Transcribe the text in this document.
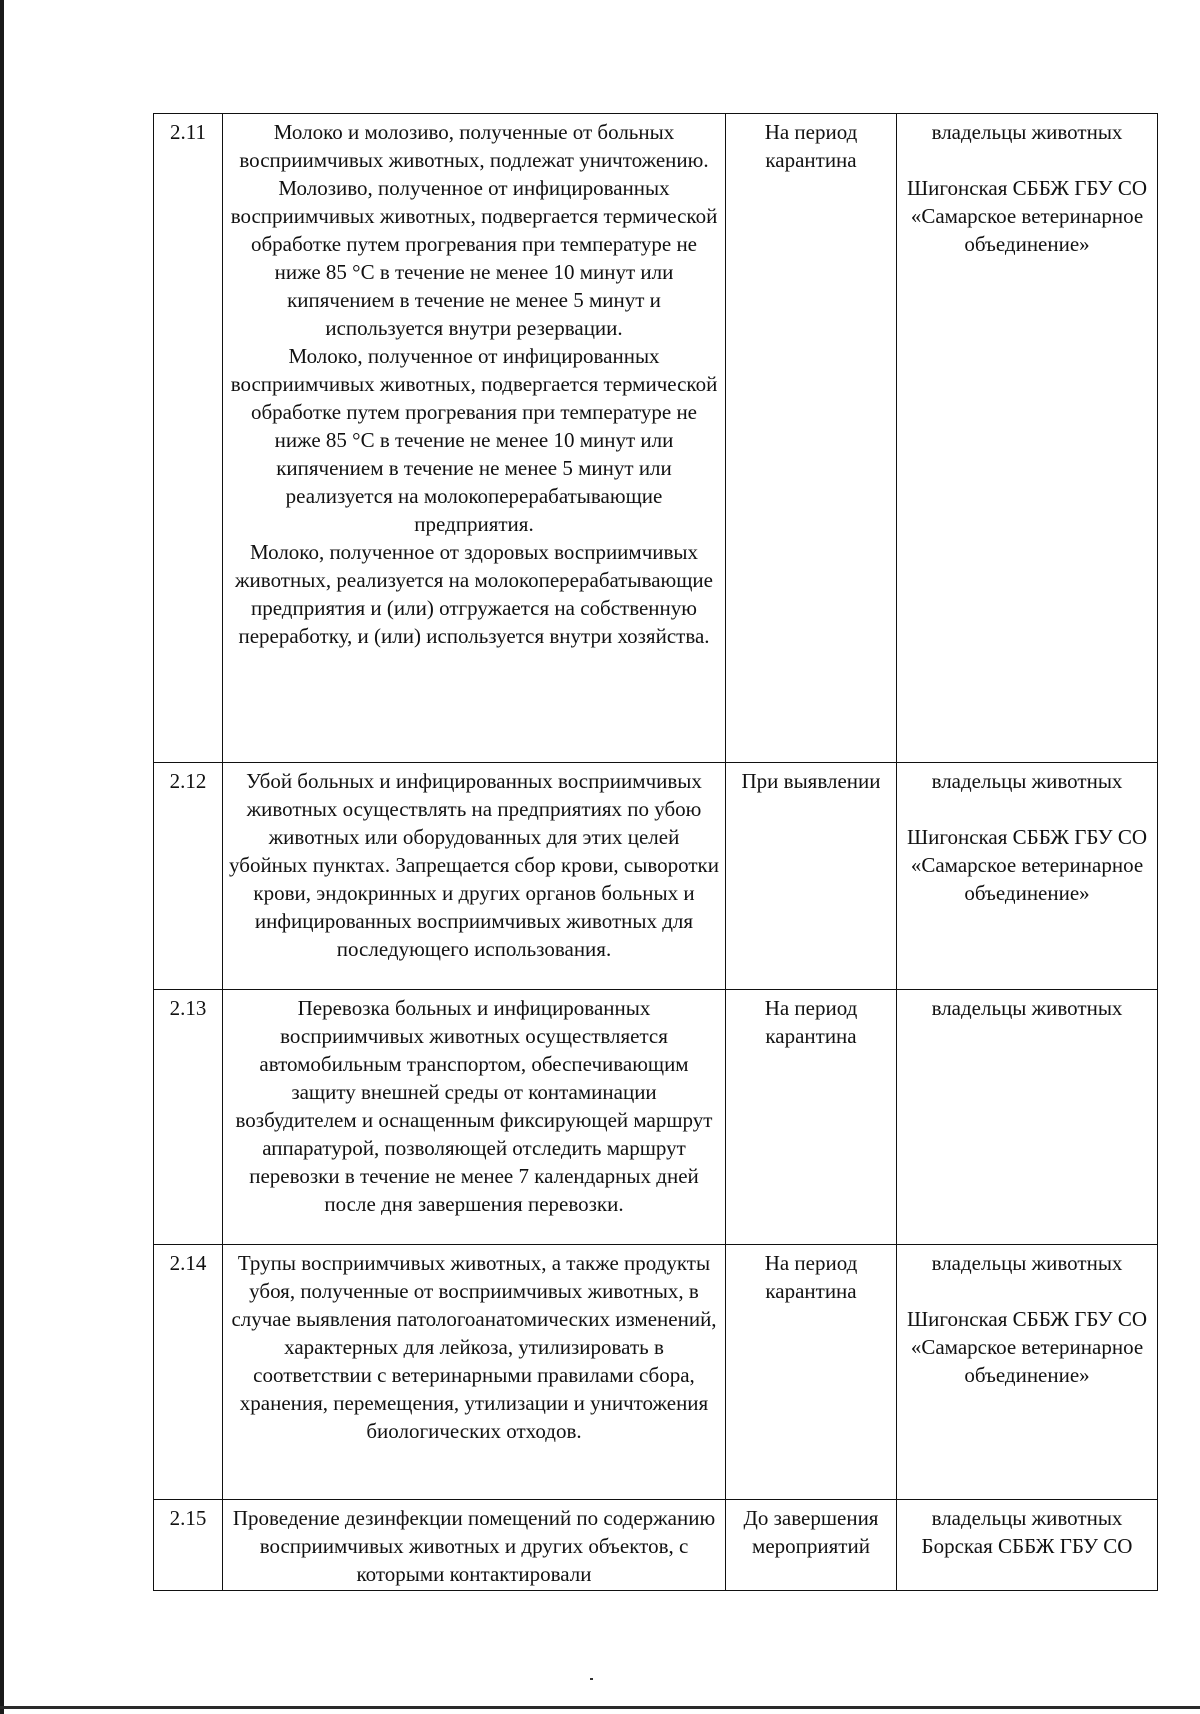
2.11	Молоко и молозиво, полученные от больных восприимчивых животных, подлежат уничтожению. Молозиво, полученное от инфицированных восприимчивых животных, подвергается термической обработке путем прогревания при температуре не ниже 85 °С в течение не менее 10 минут или кипячением в течение не менее 5 минут и используется внутри резервации.
Молоко, полученное от инфицированных восприимчивых животных, подвергается термической обработке путем прогревания при температуре не ниже 85 °С в течение не менее 10 минут или кипячением в течение не менее 5 минут или реализуется на молокоперерабатывающие предприятия.
Молоко, полученное от здоровых восприимчивых животных, реализуется на молокоперерабатывающие предприятия и (или) отгружается на собственную переработку, и (или) используется внутри хозяйства.	На период карантина	владельцы животных
Шигонская СББЖ ГБУ СО «Самарское ветеринарное объединение»

2.12	Убой больных и инфицированных восприимчивых животных осуществлять на предприятиях по убою животных или оборудованных для этих целей убойных пунктах. Запрещается сбор крови, сыворотки крови, эндокринных и других органов больных и инфицированных восприимчивых животных для последующего использования.	При выявлении	владельцы животных
Шигонская СББЖ ГБУ СО «Самарское ветеринарное объединение»

2.13	Перевозка больных и инфицированных восприимчивых животных осуществляется автомобильным транспортом, обеспечивающим защиту внешней среды от контаминации возбудителем и оснащенным фиксирующей маршрут аппаратурой, позволяющей отследить маршрут перевозки в течение не менее 7 календарных дней после дня завершения перевозки.	На период карантина	владельцы животных

2.14	Трупы восприимчивых животных, а также продукты убоя, полученные от восприимчивых животных, в случае выявления патологоанатомических изменений, характерных для лейкоза, утилизировать в соответствии с ветеринарными правилами сбора, хранения, перемещения, утилизации и уничтожения биологических отходов.	На период карантина	владельцы животных
Шигонская СББЖ ГБУ СО «Самарское ветеринарное объединение»

2.15	Проведение дезинфекции помещений по содержанию восприимчивых животных и других объектов, с которыми контактировали	До завершения мероприятий	владельцы животных
Борская СББЖ ГБУ СО
